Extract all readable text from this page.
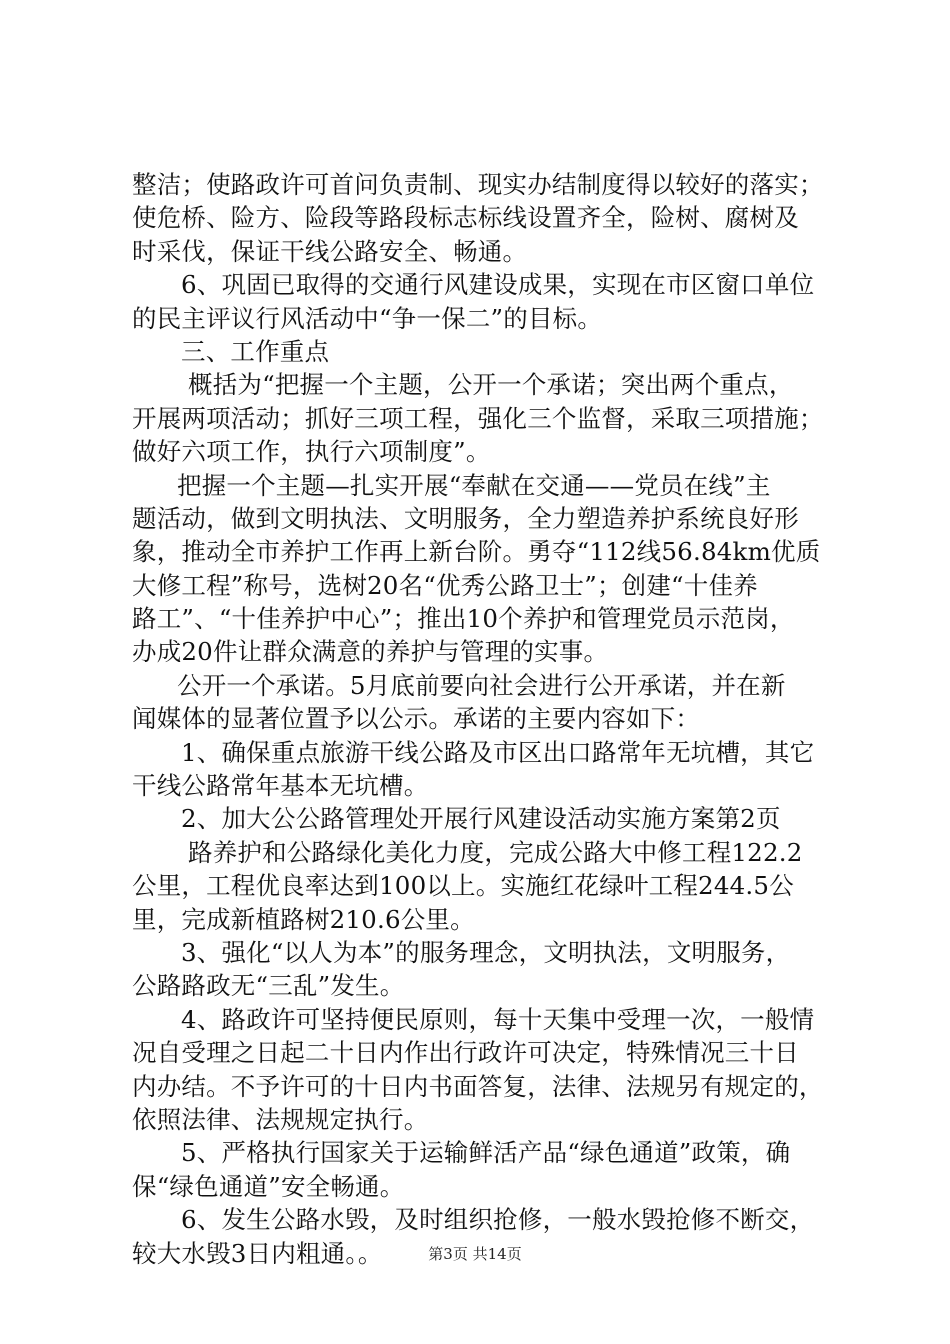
整洁；使路政许可首问负责制、现实办结制度得以较好的落实；
使危桥、险方、险段等路段标志标线设置齐全，险树、腐树及
时采伐，保证干线公路安全、畅通。
6、巩固已取得的交通行风建设成果，实现在市区窗口单位
的民主评议行风活动中“争一保二”的目标。
三、工作重点
概括为“把握一个主题，公开一个承诺；突出两个重点，
开展两项活动；抓好三项工程，强化三个监督，采取三项措施；
做好六项工作，执行六项制度”。
把握一个主题—扎实开展“奉献在交通——党员在线”主
题活动，做到文明执法、文明服务，全力塑造养护系统良好形
象，推动全市养护工作再上新台阶。勇夺“112线56.84km优质
大修工程”称号，选树20名“优秀公路卫士”；创建“十佳养
路工”、“十佳养护中心”；推出10个养护和管理党员示范岗，
办成20件让群众满意的养护与管理的实事。
公开一个承诺。5月底前要向社会进行公开承诺，并在新
闻媒体的显著位置予以公示。承诺的主要内容如下：
1、确保重点旅游干线公路及市区出口路常年无坑槽，其它
干线公路常年基本无坑槽。
2、加大公公路管理处开展行风建设活动实施方案第2页
路养护和公路绿化美化力度，完成公路大中修工程122.2
公里，工程优良率达到100以上。实施红花绿叶工程244.5公
里，完成新植路树210.6公里。
3、强化“以人为本”的服务理念，文明执法，文明服务，
公路路政无“三乱”发生。
4、路政许可坚持便民原则，每十天集中受理一次，一般情
况自受理之日起二十日内作出行政许可决定，特殊情况三十日
内办结。不予许可的十日内书面答复，法律、法规另有规定的，
依照法律、法规规定执行。
5、严格执行国家关于运输鲜活产品“绿色通道”政策，确
保“绿色通道”安全畅通。
6、发生公路水毁，及时组织抢修，一般水毁抢修不断交，
较大水毁3日内粗通。。	第3页 共14页
